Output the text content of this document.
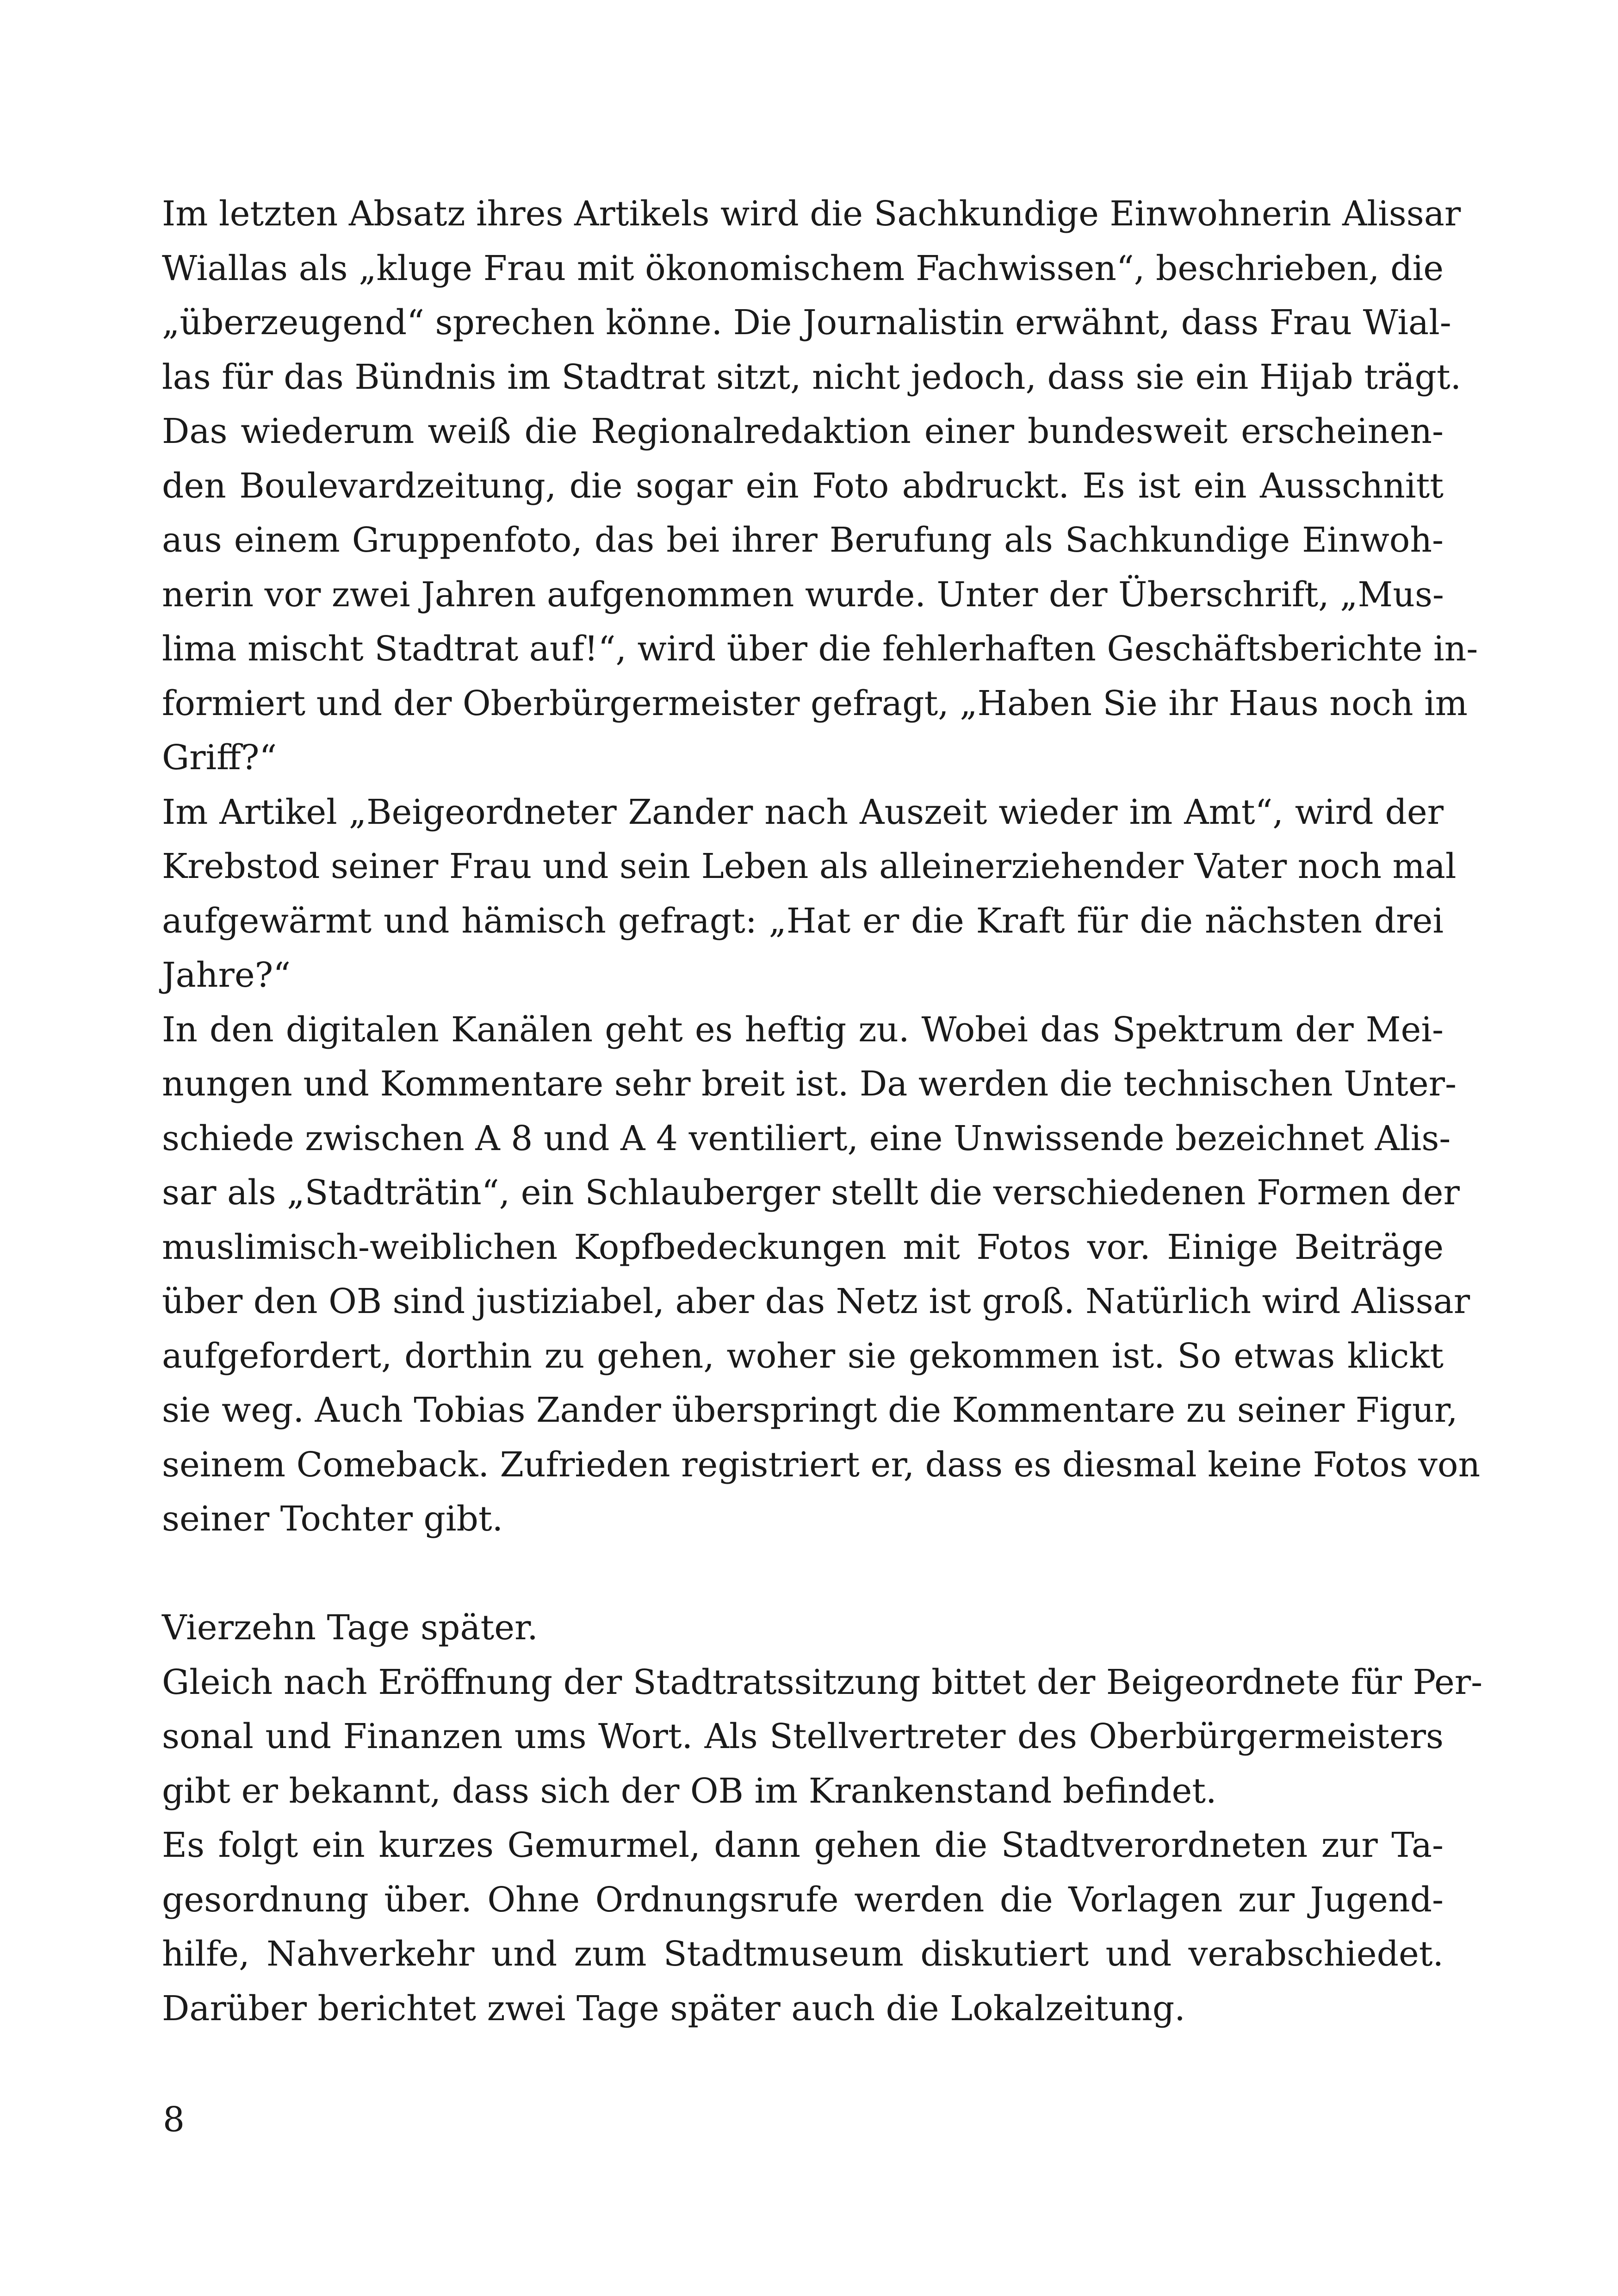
Im letzten Absatz ihres Artikels wird die Sachkundige Einwohnerin Alissar
Wiallas als „kluge Frau mit ökonomischem Fachwissen“, beschrieben, die
„überzeugend“ sprechen könne. Die Journalistin erwähnt, dass Frau Wial-
las für das Bündnis im Stadtrat sitzt, nicht jedoch, dass sie ein Hijab trägt.
Das wiederum weiß die Regionalredaktion einer bundesweit erscheinen-
den Boulevardzeitung, die sogar ein Foto abdruckt. Es ist ein Ausschnitt
aus einem Gruppenfoto, das bei ihrer Berufung als Sachkundige Einwoh-
nerin vor zwei Jahren aufgenommen wurde. Unter der Überschrift, „Mus-
lima mischt Stadtrat auf!“, wird über die fehlerhaften Geschäftsberichte in-
formiert und der Oberbürgermeister gefragt, „Haben Sie ihr Haus noch im
Griff?“
Im Artikel „Beigeordneter Zander nach Auszeit wieder im Amt“, wird der
Krebstod seiner Frau und sein Leben als alleinerziehender Vater noch mal
aufgewärmt und hämisch gefragt: „Hat er die Kraft für die nächsten drei
Jahre?“
In den digitalen Kanälen geht es heftig zu. Wobei das Spektrum der Mei-
nungen und Kommentare sehr breit ist. Da werden die technischen Unter-
schiede zwischen A 8 und A 4 ventiliert, eine Unwissende bezeichnet Alis-
sar als „Stadträtin“, ein Schlauberger stellt die verschiedenen Formen der
muslimisch-weiblichen Kopfbedeckungen mit Fotos vor. Einige Beiträge
über den OB sind justiziabel, aber das Netz ist groß. Natürlich wird Alissar
aufgefordert, dorthin zu gehen, woher sie gekommen ist. So etwas klickt
sie weg. Auch Tobias Zander überspringt die Kommentare zu seiner Figur,
seinem Comeback. Zufrieden registriert er, dass es diesmal keine Fotos von
seiner Tochter gibt.
Vierzehn Tage später.
Gleich nach Eröffnung der Stadtratssitzung bittet der Beigeordnete für Per-
sonal und Finanzen ums Wort. Als Stellvertreter des Oberbürgermeisters
gibt er bekannt, dass sich der OB im Krankenstand befindet.
Es folgt ein kurzes Gemurmel, dann gehen die Stadtverordneten zur Ta-
gesordnung über. Ohne Ordnungsrufe werden die Vorlagen zur Jugend-
hilfe, Nahverkehr und zum Stadtmuseum diskutiert und verabschiedet.
Darüber berichtet zwei Tage später auch die Lokalzeitung.
8
